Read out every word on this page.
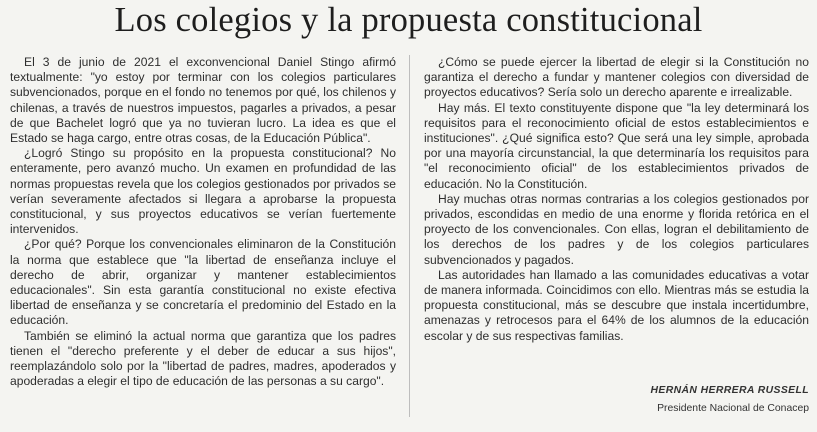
Los colegios y la propuesta constitucional

El 3 de junio de 2021 el exconvencional Daniel Stingo afirmó textualmente: "yo estoy por terminar con los colegios particulares subvencionados, porque en el fondo no tenemos por qué, los chilenos y chilenas, a través de nuestros impuestos, pagarles a privados, a pesar de que Bachelet logró que ya no tuvieran lucro. La idea es que el Estado se haga cargo, entre otras cosas, de la Educación Pública".

¿Logró Stingo su propósito en la propuesta constitucional? No enteramente, pero avanzó mucho. Un examen en profundidad de las normas propuestas revela que los colegios gestionados por privados se verían severamente afectados si llegara a aprobarse la propuesta constitucional, y sus proyectos educativos se verían fuertemente intervenidos.

¿Por qué? Porque los convencionales eliminaron de la Constitución la norma que establece que "la libertad de enseñanza incluye el derecho de abrir, organizar y mantener establecimientos educacionales". Sin esta garantía constitucional no existe efectiva libertad de enseñanza y se concretaría el predominio del Estado en la educación.

También se eliminó la actual norma que garantiza que los padres tienen el "derecho preferente y el deber de educar a sus hijos", reemplazándolo solo por la "libertad de padres, madres, apoderados y apoderadas a elegir el tipo de educación de las personas a su cargo".

¿Cómo se puede ejercer la libertad de elegir si la Constitución no garantiza el derecho a fundar y mantener colegios con diversidad de proyectos educativos? Sería solo un derecho aparente e irrealizable.

Hay más. El texto constituyente dispone que "la ley determinará los requisitos para el reconocimiento oficial de estos establecimientos e instituciones". ¿Qué significa esto? Que será una ley simple, aprobada por una mayoría circunstancial, la que determinaría los requisitos para "el reconocimiento oficial" de los establecimientos privados de educación. No la Constitución.

Hay muchas otras normas contrarias a los colegios gestionados por privados, escondidas en medio de una enorme y florida retórica en el proyecto de los convencionales. Con ellas, logran el debilitamiento de los derechos de los padres y de los colegios particulares subvencionados y pagados.

Las autoridades han llamado a las comunidades educativas a votar de manera informada. Coincidimos con ello. Mientras más se estudia la propuesta constitucional, más se descubre que instala incertidumbre, amenazas y retrocesos para el 64% de los alumnos de la educación escolar y de sus respectivas familias.

HERNÁN HERRERA RUSSELL
Presidente Nacional de Conacep
